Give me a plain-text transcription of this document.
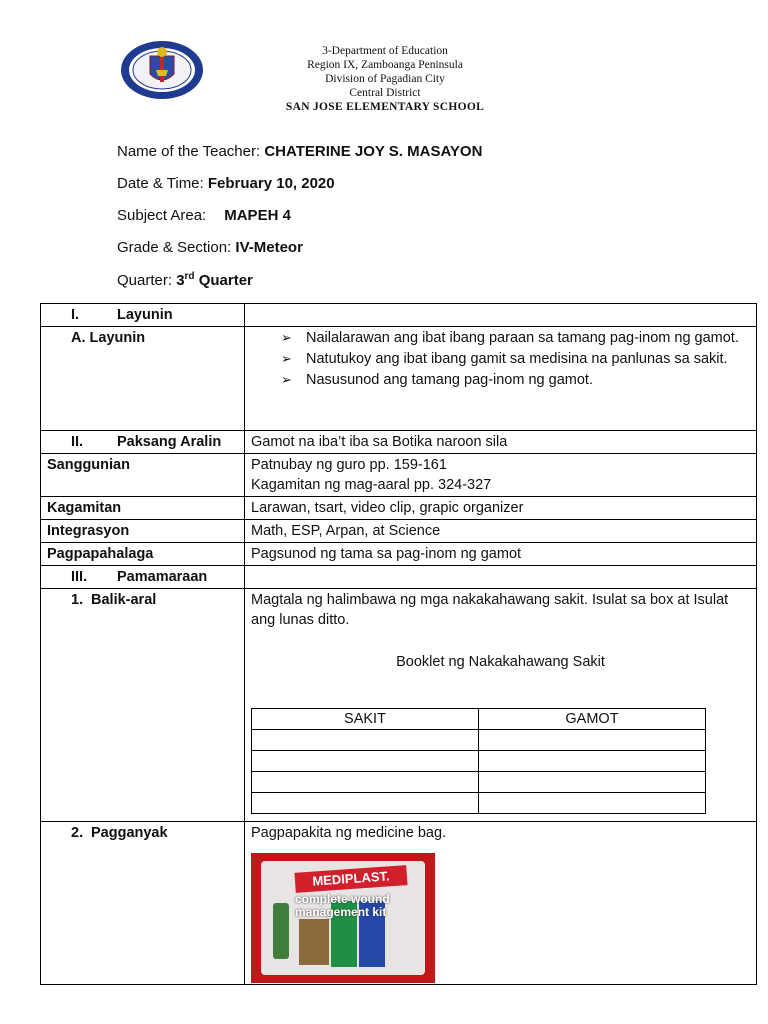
3-Department of Education
Region IX, Zamboanga Peninsula
Division of Pagadian City
Central District
SAN JOSE ELEMENTARY SCHOOL
Name of the Teacher: CHATERINE JOY S. MASAYON
Date & Time: February 10, 2020
Subject Area: MAPEH 4
Grade & Section: IV-Meteor
Quarter: 3rd Quarter
I.	Layunin	
A. Layunin	➢ Nailalarawan ang ibat ibang paraan sa tamang pag-inom ng gamot.
➢ Natutukoy ang ibat ibang gamit sa medisina na panlunas sa sakit.
➢ Nasusunod ang tamang pag-inom ng gamot.

II. Paksang Aralin	Gamot na iba’t iba sa Botika naroon sila
Sanggunian	Patnubay ng guro pp. 159-161
Kagamitan ng mag-aaral pp. 324-327

Kagamitan	Larawan, tsart, video clip, grapic organizer
Integrasyon	Math, ESP, Arpan, at Science
Pagpapahalaga	Pagsunod ng tama sa pag-inom ng gamot
III. Pamamaraan	
1. Balik-aral	Magtala ng halimbawa ng mga nakakahawang sakit. Isulat sa box at Isulat ang lunas ditto.
Booklet ng Nakakahawang Sakit
SAKIT	GAMOT

2. Pagganyak	Pagpapakita ng medicine bag.
MEDIPLAST.
complete wound management kit
